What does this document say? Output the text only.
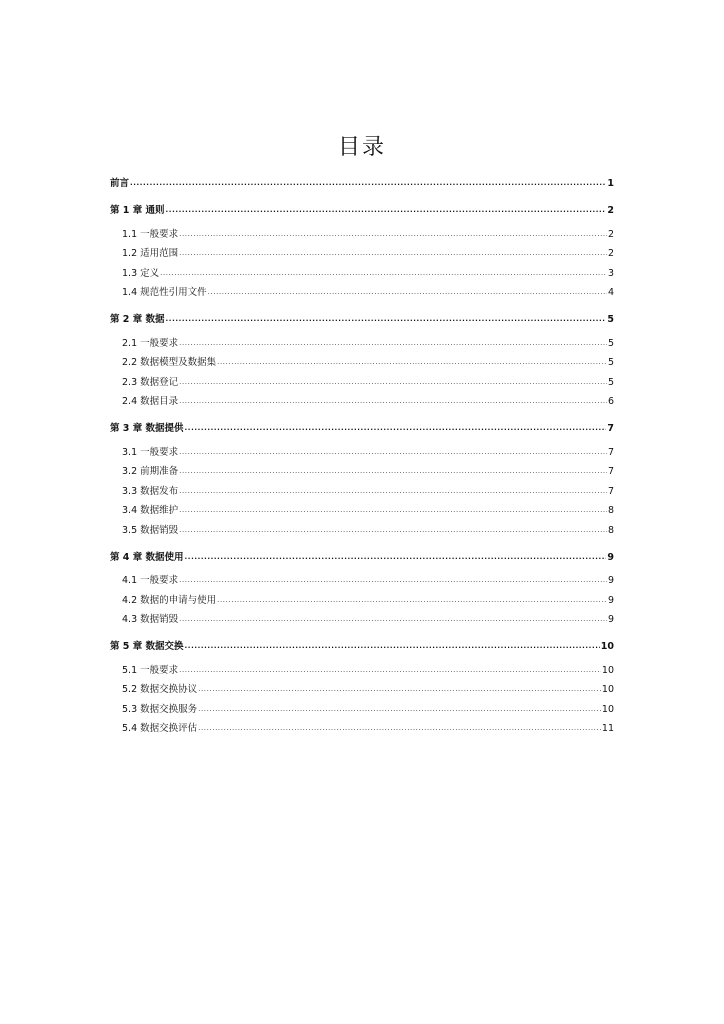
目录
前言 .....	1
第 1 章 通则 .....	2
1.1 一般要求 .....	2
1.2 适用范围 .....	2
1.3 定义 .....	3
1.4 规范性引用文件 .....	4
第 2 章 数据 .....	5
2.1 一般要求 .....	5
2.2 数据模型及数据集 .....	5
2.3 数据登记 .....	5
2.4 数据目录 .....	6
第 3 章 数据提供 .....	7
3.1 一般要求 .....	7
3.2 前期准备 .....	7
3.3 数据发布 .....	7
3.4 数据维护 .....	8
3.5 数据销毁 .....	8
第 4 章 数据使用 .....	9
4.1 一般要求 .....	9
4.2 数据的申请与使用 .....	9
4.3 数据销毁 .....	9
第 5 章 数据交换 .....	10
5.1 一般要求 .....	10
5.2 数据交换协议 .....	10
5.3 数据交换服务 .....	10
5.4 数据交换评估 .....	11
